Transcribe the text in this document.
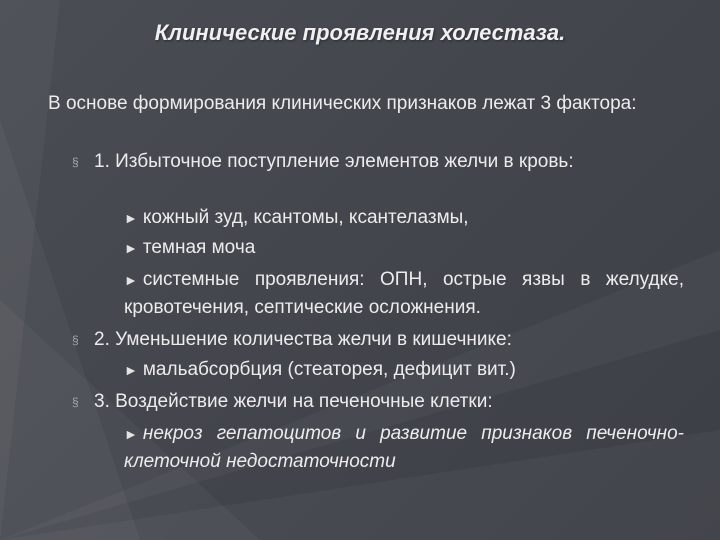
Клинические проявления холестаза.
В основе формирования клинических признаков лежат 3 фактора:
§ 1. Избыточное поступление элементов желчи в кровь:
► кожный зуд, ксантомы, ксантелазмы,
► темная моча
► системные проявления: ОПН, острые язвы в желудке, кровотечения, септические осложнения.
§ 2. Уменьшение количества желчи в кишечнике:
► мальабсорбция (стеаторея, дефицит вит.)
§ 3. Воздействие желчи на печеночные клетки:
► некроз гепатоцитов и развитие признаков печеночно-клеточной недостаточности
